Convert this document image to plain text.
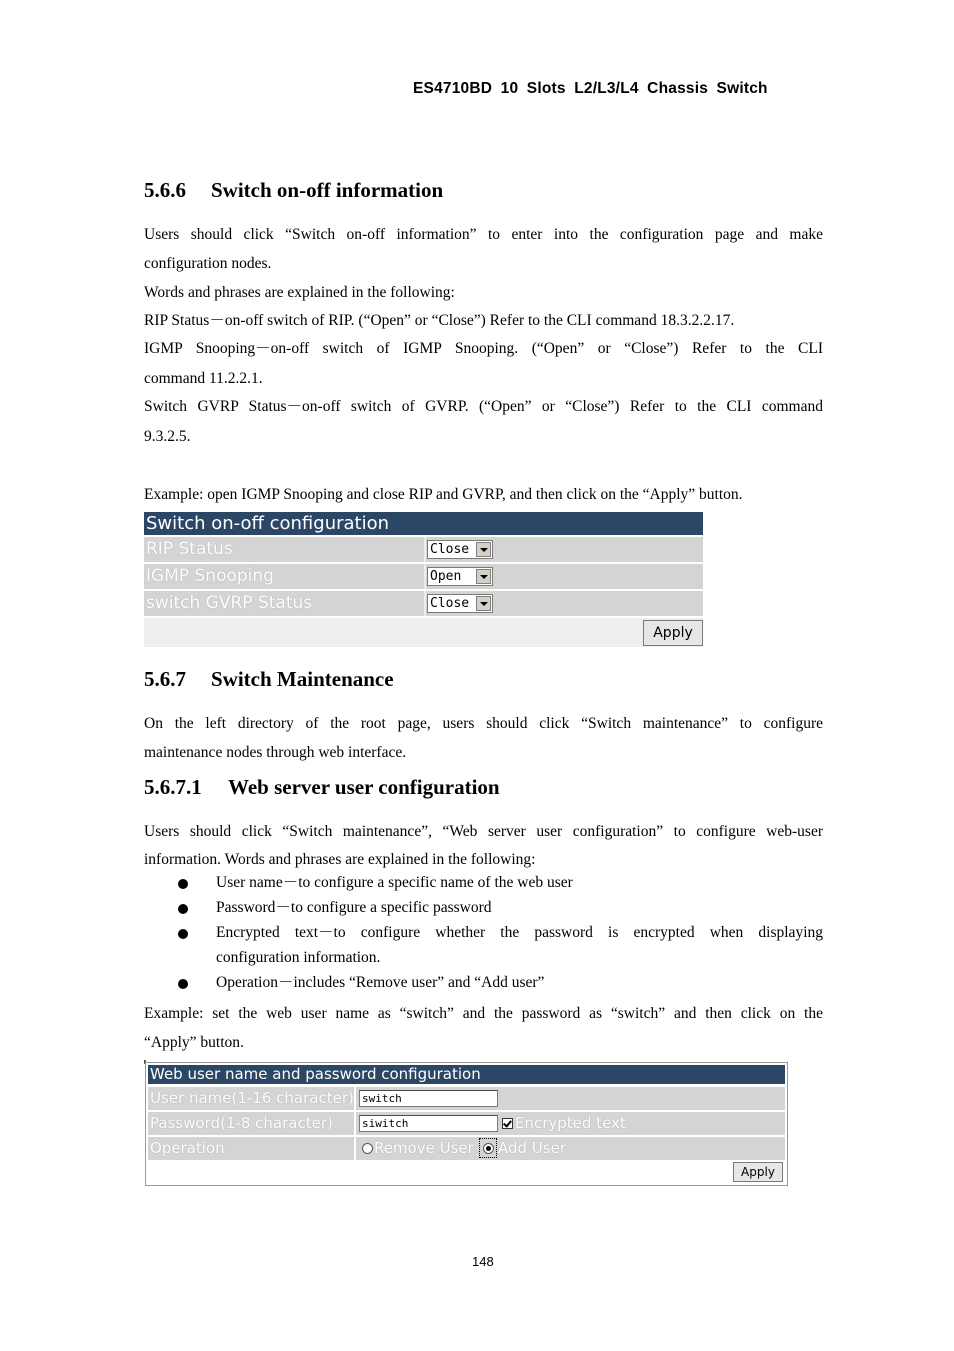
ES4710BD 10 Slots L2/L3/L4 Chassis Switch
5.6.6 Switch on-off information
Users should click “Switch on-off information” to enter into the configuration page and make
configuration nodes.
Words and phrases are explained in the following:
RIP Status－on-off switch of RIP. (“Open” or “Close”) Refer to the CLI command 18.3.2.2.17.
IGMP Snooping－on-off switch of IGMP Snooping. (“Open” or “Close”) Refer to the CLI
command 11.2.2.1.
Switch GVRP Status－on-off switch of GVRP. (“Open” or “Close”) Refer to the CLI command
9.3.2.5.
Example: open IGMP Snooping and close RIP and GVRP, and then click on the “Apply” button.
Switch on-off configuration
RIP Status	Close
IGMP Snooping	Open
switch GVRP Status	Close
Apply
5.6.7 Switch Maintenance
On the left directory of the root page, users should click “Switch maintenance” to configure
maintenance nodes through web interface.
5.6.7.1 Web server user configuration
Users should click “Switch maintenance”, “Web server user configuration” to configure web-user
information. Words and phrases are explained in the following:
User name－to configure a specific name of the web user
Password－to configure a specific password
Encrypted text－to configure whether the password is encrypted when displaying
configuration information.
Operation－includes “Remove user” and “Add user”
Example: set the web user name as “switch” and the password as “switch” and then click on the
“Apply” button.
Web user name and password configuration
User name(1-16 character) switch
Password(1-8 character)	siwitch	Encrypted text
Operation	Remove User Add User
Apply
148
